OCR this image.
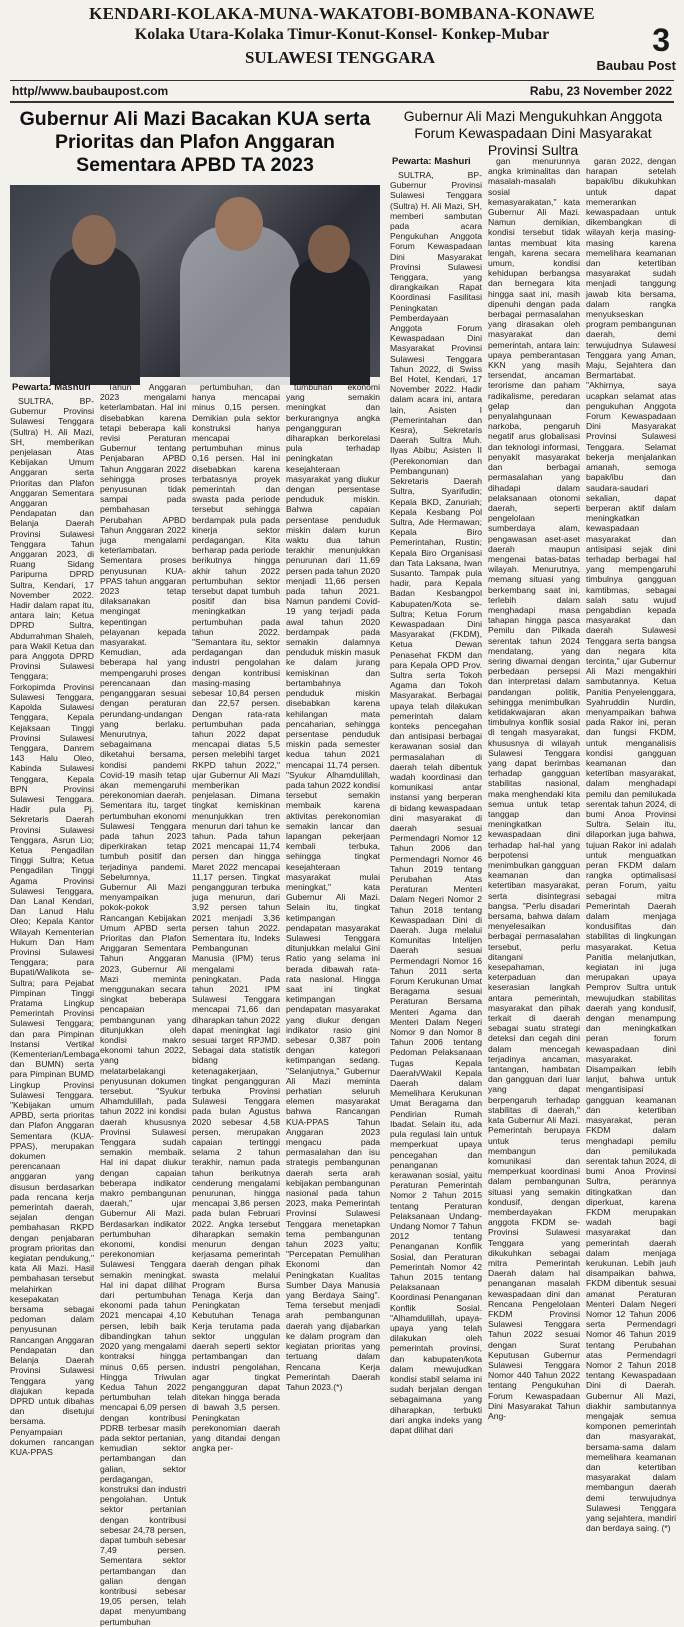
KENDARI-KOLAKA-MUNA-WAKATOBI-BOMBANA-KONAWE
Kolaka Utara-Kolaka Timur-Konut-Konsel- Konkep-Mubar
SULAWESI TENGGARA	3
Baubau Post
http//www.baubaupost.com	Rabu, 23 November 2022
Gubernur Ali Mazi Bacakan KUA serta Prioritas dan Plafon Anggaran Sementara APBD TA 2023
Gubernur Ali Mazi Mengukuhkan Anggota Forum Kewaspadaan Dini Masyarakat Provinsi Sultra
Pewarta: Mashuri
Pewarta: Mashuri

SULTRA, BP-Gubernur Provinsi Sulawesi Tenggara (Sultra) H. Ali Mazi, SH, memberikan penjelasan Atas Kebijakan Umum Anggaran serta Prioritas dan Plafon Anggaran Sementara Anggaran Pendapatan dan Belanja Daerah Provinsi Sulawesi Tenggara Tahun Anggaran 2023, di Ruang Sidang Paripurna DPRD Sultra, Kendari, 17 November 2022. Hadir dalam rapat itu, antara lain; Ketua DPRD Sultra, Abdurrahman Shaleh, para Wakil Ketua dan para Anggota DPRD Provinsi Sulawesi Tenggara; Forkopimda Provinsi Sulawesi Tenggara, Kapolda Sulawesi Tenggara, Kepala Kejaksaan Tinggi Provinsi Sulawesi Tenggara, Danrem 143 Halu Oleo, Kabinda Sulawesi Tenggara, Kepala BPN Provinsi Sulawesi Tenggara. Hadir pula Pj. Sekretaris Daerah Provinsi Sulawesi Tenggara, Asrun Lio; Ketua Pengadilan Tinggi Sultra; Ketua Pengadilan Tinggi Agama Provinsi Sulawesi Tenggara, Dan Lanal Kendari, Dan Lanud Halu Oleo; Kepala Kantor Wilayah Kementerian Hukum Dan Ham Provinsi Sulawesi Tenggara; para Bupati/Walikota se-Sultra; para Pejabat Pimpinan Tinggi Pratama Lingkup Pemerintah Provinsi Sulawesi Tenggara; dan para Pimpinan Instansi Vertikal (Kementerian/Lembaga dan BUMN) serta para Pimpinan BUMD Lingkup Provinsi Sulawesi Tenggara. "Kebijakan umum APBD, serta prioritas dan Plafon Anggaran Sementara (KUA-PPAS), merupakan dokumen perencanaan anggaran yang disusun berdasarkan pada rencana kerja pemerintah daerah, sejalan dengan pembahasan RKPD dengan penjabaran program prioritas dan kegiatan pendukung," kata Ali Mazi. Hasil pembahasan tersebut melahirkan kesepakatan bersama sebagai pedoman dalam penyusunan Rancangan Anggaran Pendapatan dan Belanja Daerah Provinsi Sulawesi Tenggara yang diajukan kepada DPRD untuk dibahas dan disetujui bersama. Penyampaian dokumen rancangan KUA-PPAS

Tahun Anggaran 2023 mengalami keterlambatan. Hal ini disebabkan karena tetapi beberapa kali revisi Peraturan Gubernur tentang Penjabaran APBD Tahun Anggaran 2022 sehingga proses penyusunan tidak sampai pada pembahasan Perubahan APBD Tahun Anggaran 2022 juga mengalami keterlambatan. Sementara proses penyusunan KUA-PPAS tahun anggaran 2023 tetap dilaksanakan mengingat kepentingan pelayanan kepada masyarakat. Kemudian, ada beberapa hal yang mempengaruhi proses perencanaan dan penganggaran sesuai dengan peraturan perundang-undangan yang berlaku. Menurutnya, sebagaimana diketahui bersama, kondisi pandemi Covid-19 masih tetap akan memengaruhi perekonomian daerah. Sementara itu, target pertumbuhan ekonomi Sulawesi Tenggara pada tahun 2023 diperkirakan tetap tumbuh positif dan terjadinya pandemi. Sebelumnya, Gubernur Ali Mazi menyampaikan pokok-pokok Rancangan Kebijakan Umum APBD serta Prioritas dan Plafon Anggaran Sementara Tahun Anggaran 2023, Gubernur Ali Mazi meminta menggunakan secara singkat beberapa pencapaian pembangunan yang ditunjukkan oleh kondisi makro ekonomi tahun 2022, yang melatarbelakangi penyusunan dokumen tersebut. "Syukur Alhamdulillah, pada tahun 2022 ini kondisi daerah khususnya Provinsi Sulawesi Tenggara sudah semakin membaik. Hal ini dapat diukur dengan capaian beberapa indikator makro pembangunan daerah," ujar Gubernur Ali Mazi. Berdasarkan indikator pertumbuhan ekonomi, kondisi perekonomian Sulawesi Tenggara semakin meningkat. Hal ini dapat dilihat dari pertumbuhan ekonomi pada tahun 2021 mencapai 4,10 persen, lebih baik dibandingkan tahun 2020 yang mengalami kontraksi hingga minus 0,65 persen. Hingga Triwulan Kedua Tahun 2022 pertumbuhan telah mencapai 6,09 persen dengan kontribusi PDRB terbesar masih pada sektor pertanian, kemudian sektor pertambangan dan galian, sektor perdagangan, konstruksi dan industri pengolahan. Untuk sektor pertanian dengan kontribusi sebesar 24,78 persen, dapat tumbuh sebesar 7,49 persen. Sementara sektor pertambangan dan galian dengan kontribusi sebesar 19,05 persen, telah dapat menyumbang pertumbuhan

pertumbuhan, dan hanya mencapai minus 0,15 persen. Demikian pula sektor konstruksi hanya mencapai pertumbuhan minus 0,16 persen. Hal ini disebabkan karena terbatasnya proyek pemerintah dan swasta pada periode tersebut sehingga berdampak pula pada kinerja sektor perdagangan. Kita berharap pada periode berikutnya hingga akhir tahun 2022 pertumbuhan sektor tersebut dapat tumbuh positif dan bisa meningkatkan pertumbuhan pada tahun 2022. "Semantara itu, sektor perdagangan dan industri pengolahan dengan kontribusi masing-masing sebesar 10,84 persen dan 22,57 persen. Dengan rata-rata pertumbuhan pada tahun 2022 dapat mencapai diatas 5,5 persen melebihi target RKPD tahun 2022," ujar Gubernur Ali Mazi memberikan penjelasan. Dimana tingkat kemiskinan menunjukkan tren menurun dari tahun ke tahun. Pada tahun 2021 mencapai 11,74 persen dan hingga Maret 2022 mencapai 11,17 persen. Tingkat pengangguran terbuka juga menurun, dari 3,92 persen tahun 2021 menjadi 3,36 persen tahun 2022. Sementara itu, Indeks Pembangunan Manusia (IPM) terus mengalami peningkatan. Pada tahun 2021 IPM Sulawesi Tenggara mencapai 71,66 dan diharapkan tahun 2022 dapat meningkat lagi sesuai target RPJMD. Sebagai data statistik bidang ketenagakerjaan, tingkat pengangguran terbuka Provinsi Sulawesi Tenggara pada bulan Agustus 2020 sebesar 4,58 persen, merupakan capaian tertinggi selama 2 tahun terakhir, namun pada tahun berikutnya cenderung mengalami penurunan, hingga mencapai 3,86 persen pada bulan Februari 2022. Angka tersebut diharapkan semakin menurun dengan kerjasama pemerintah daerah dengan pihak swasta melalui Program Bursa Tenaga Kerja dan Peningkatan Kebutuhan Tenaga Kerja terutama pada sektor unggulan daerah seperti sektor pertambangan dan industri pengolahan, agar tingkat pengangguran dapat ditekan hingga berada di bawah 3,5 persen. Peningkatan perekonomian daerah yang ditandai dengan angka per-

tumbuhan ekonomi yang semakin meningkat dan berkurangnya angka pengangguran diharapkan berkorelasi pula terhadap peningkatan kesejahteraan masyarakat yang diukur dengan persentase penduduk miskin. Bahwa capaian persentase penduduk miskin dalam kurun waktu dua tahun terakhir menunjukkan penurunan dari 11,69 persen pada tahun 2020 menjadi 11,66 persen pada tahun 2021. Namun pandemi Covid-19 yang terjadi pada awal tahun 2020 berdampak pada semakin dalamnya penduduk miskin masuk ke dalam jurang kemiskinan dan bertambahnya penduduk miskin disebabkan karena kehilangan mata pencaharian, sehingga persentase penduduk miskin pada semester kedua tahun 2021 mencapai 11,74 persen. "Syukur Alhamdulillah, pada tahun 2022 kondisi tersebut semakin membaik karena aktivitas perekonomian semakin lancar dan lapangan pekerjaan kembali terbuka, sehingga tingkat kesejahteraan masyarakat mulai meningkat," kata Gubernur Ali Mazi. Selain itu, tingkat ketimpangan pendapatan masyarakat Sulawesi Tenggara ditunjukkan melalui Gini Ratio yang selama ini berada dibawah rata-rata nasional. Hingga saat ini tingkat ketimpangan pendapatan masyarakat yang diukur dengan indikator rasio gini sebesar 0,387 poin dengan kategori ketimpangan sedang. "Selanjutnya," Gubernur Ali Mazi meminta perhatian seluruh elemen masyarakat bahwa Rancangan KUA-PPAS Tahun Anggaran 2023 mengacu pada permasalahan dan isu strategis pembangunan daerah serta arah kebijakan pembangunan nasional pada tahun 2023, maka Pemerintah Provinsi Sulawesi Tenggara menetapkan tema pembangunan tahun 2023 yaitu; "Percepatan Pemulihan Ekonomi dan Peningkatan Kualitas Sumber Daya Manusia yang Berdaya Saing". Tema tersebut menjadi arah pembangunan daerah yang dijabarkan ke dalam program dan kegiatan prioritas yang tertuang dalam Rencana Kerja Pemerintah Daerah Tahun 2023.(*)

SULTRA, BP-Gubernur Provinsi Sulawesi Tenggara (Sultra) H. Ali Mazi, SH, memberi sambutan pada acara Pengukuhan Anggota Forum Kewaspadaan Dini Masyarakat Provinsi Sulawesi Tenggara, yang dirangkaikan Rapat Koordinasi Fasilitasi Peningkatan Pemberdayaan Anggota Forum Kewaspadaan Dini Masyarakat Provinsi Sulawesi Tenggara Tahun 2022, di Swiss Bel Hotel, Kendari, 17 November 2022. Hadir dalam acara ini, antara lain, Asisten I (Pemerintahan dan Kesra), Sekretaris Daerah Sultra Muh. Ilyas Abibu; Asisten II (Perekonomian dan Pembangunan) Sekretaris Daerah Sultra, Syarifudin; Kepala BKD, Zanuriah; Kepala Kesbang Pol Sultra, Ade Hermawan; Kepala Biro Pemerintahan, Rustin; Kepala Biro Organisasi dan Tata Laksana, Iwan Susanto. Tampak pula hadir, para Kepala Badan Kesbangpol Kabupaten/Kota se-Sultra; Ketua Forum Kewaspadaan Dini Masyarakat (FKDM), Ketua Dewan Penasehat FKDM dan para Kepala OPD Prov. Sultra serta Tokoh Agama dan Tokoh Masyarakat. Berbagai upaya telah dilakukan pemerintah dalam konteks pencegahan dan antisipasi berbagai kerawanan sosial dan permasalahan di daerah telah dibentuk wadah koordinasi dan komunikasi antar instansi yang berperan di bidang kewaspadaan dini masyarakat di daerah sesuai Permendagri Nomor 12 Tahun 2006 dan Permendagri Nomor 46 Tahun 2019 tentang Perubahan Atas Peraturan Menteri Dalam Negeri Nomor 2 Tahun 2018 tentang Kewaspadaan Dini di Daerah. Juga melalui Komunitas Intelijen Daerah sesuai Permendagri Nomor 16 Tahun 2011 serta Forum Kerukunan Umat Beragama sesuai Peraturan Bersama Menteri Agama dan Menteri Dalam Negeri Nomor 9 dan Nomor 8 Tahun 2006 tentang Pedoman Pelaksanaan Tugas Kepala Daerah/Wakil Kepala Daerah dalam Memelihara Kerukunan Umat Beragama dan Pendirian Rumah Ibadat. Selain itu, ada pula regulasi lain untuk memperkuat upaya pencegahan dan penanganan kerawanan sosial, yaitu Peraturan Pemerintah Nomor 2 Tahun 2015 tentang Peraturan Pelaksanaan Undang-Undang Nomor 7 Tahun 2012 tentang Penanganan Konflik Sosial, dan Peraturan Pemerintah Nomor 42 Tahun 2015 tentang Pelaksanaan Koordinasi Penanganan Konflik Sosial. "Alhamdulillah, upaya-upaya yang telah dilakukan oleh pemerintah provinsi, dan kabupaten/kota dalam mewujudkan kondisi stabil selama ini sudah berjalan dengan sebagaimana yang diharapkan, terbukti dari angka indeks yang dapat dilihat dari

gan menurunnya angka kriminalitas dan masalah-masalah sosial kemasyarakatan," kata Gubernur Ali Mazi. Namun demikian, kondisi tersebut tidak lantas membuat kita lengah, karena secara umum, kondisi kehidupan berbangsa dan bernegara kita hingga saat ini, masih dipenuhi dengan pada berbagai permasalahan yang dirasakan oleh masyarakat dan pemerintah, antara lain: upaya pemberantasan KKN yang masih tersendat, ancaman terorisme dan paham radikalisme, peredaran gelap dan penyalahgunaan narkoba, pengaruh negatif arus globalisasi dan teknologi informasi, penyakit masyarakat dan berbagai permasalahan yang dihadapi dalam pelaksanaan otonomi daerah, seperti pengelolaan sumberdaya alam, pengawasan aset-aset daerah maupun mengenai batas-batas wilayah. Menurutnya, memang situasi yang berkembang saat ini, terlebih dalam menghadapi masa tahapan hingga pasca Pemilu dan Pilkada serentak tahun 2024 mendatang, yang sering diwarnai dengan perbedaan persepsi dan interpretasi dalam pandangan politik, sehingga menimbulkan ketidakwajaran akan timbulnya konflik sosial di tengah masyarakat, khususnya di wilayah Sulawesi Tenggara yang dapat berimbas terhadap gangguan stabilitas nasional, maka menghendaki kita semua untuk tetap tanggap dan meningkatkan kewaspadaan dini terhadap hal-hal yang berpotensi menimbulkan gangguan keamanan dan ketertiban masyarakat, serta disintegrasi bangsa. "Perlu disadari bersama, bahwa dalam menyelesaikan berbagai permasalahan tersebut, perlu ditangani kesepahaman, keterpaduan dan keserasian langkah antara pemerintah, masyarakat dan pihak terkait di daerah sebagai suatu strategi deteksi dan cegah dini dalam mencegah terjadinya ancaman, tantangan, hambatan dan gangguan dari luar yang dapat berpengaruh terhadap stabilitas di daerah," kata Gubernur Ali Mazi. Pemerintah berupaya untuk terus membangun komunikasi dan memperkuat koordinasi dalam pembangunan situasi yang semakin kondusif, dengan memberdayakan anggota FKDM se-Provinsi Sulawesi Tenggara yang dikukuhkan sebagai mitra Pemerintah Daerah dalam hal penanganan masalah kewaspadaan dini dan Rencana Pengelolaan FKDM Provinsi Sulawesi Tenggara Tahun 2022 sesuai dengan Surat Keputusan Gubernur Sulawesi Tenggara Nomor 440 Tahun 2022 tentang Pengukuhan Forum Kewaspadaan Dini Masyarakat Tahun Ang-

garan 2022, dengan harapan setelah bapak/ibu dikukuhkan untuk dapat memerankan kewaspadaan untuk dikembangkan di wilayah kerja masing-masing karena memelihara keamanan dan ketertiban masyarakat sudah menjadi tanggung jawab kita bersama, dalam rangka menyukseskan program pembangunan daerah, demi terwujudnya Sulawesi Tenggara yang Aman, Maju, Sejahtera dan Bermartabat. "Akhirnya, saya ucapkan selamat atas pengukuhan Anggota Forum Kewaspadaan Dini Masyarakat Provinsi Sulawesi Tenggara. Selamat bekerja menjalankan amanah, semoga bapak/ibu dan saudara-saudari sekalian, dapat berperan aktif dalam meningkatkan kewaspadaan masyarakat dan antisipasi sejak dini terhadap berbagai hal yang mempengaruhi timbulnya gangguan kamtibmas, sebagai salah satu wujud pengabdian kepada masyarakat dan daerah Sulawesi Tenggara serta bangsa dan negara kita tercinta," ujar Gubernur Ali Mazi mengakhiri sambutannya. Ketua Panitia Penyelenggara, Syahruddin Nurdin, menyampaikan bahwa pada Rakor ini, peran dan fungsi FKDM, untuk menganalisis kondisi gangguan keamanan dan ketertiban masyarakat, dalam menghadapi pemilu dan pemilukada serentak tahun 2024, di bumi Anoa Provinsi Sultra. Selain itu, dilaporkan juga bahwa, tujuan Rakor ini adalah untuk menguatkan peran FKDM dalam rangka optimalisasi peran Forum, yaitu sebagai mitra Pemerintah Daerah dalam menjaga kondusifitas dan stabilitas di lingkungan masyarakat. Ketua Panitia melanjutkan, kegiatan ini juga merupakan upaya Pemprov Sultra untuk mewujudkan stabilitas daerah yang kondusif, dengan menampung dan meningkatkan peran forum kewaspadaan dini masyarakat. Disampaikan lebih lanjut, bahwa untuk mengantisipasi gangguan keamanan dan ketertiban masyarakat, peran FKDM dalam menghadapi pemilu dan pemilukada serentak tahun 2024, di bumi Anoa Provinsi Sultra, perannya ditingkatkan dan diperkuat, karena FKDM merupakan wadah bagi masyarakat dan pemerintah daerah dalam menjaga kerukunan. Lebih jauh disampaikan bahwa, FKDM dibentuk sesuai amanat Peraturan Menteri Dalam Negeri Nomor 12 Tahun 2006 serta Permendagri Nomor 46 Tahun 2019 tentang Perubahan atas Permendagri Nomor 2 Tahun 2018 tentang Kewaspadaan Dini di Daerah. Gubernur Ali Mazi, diakhir sambutannya mengajak semua komponen pemerintah dan masyarakat, bersama-sama dalam memelihara keamanan dan ketertiban masyarakat dalam membangun daerah demi terwujudnya Sulawesi Tenggara yang sejahtera, mandiri dan berdaya saing. (*)
